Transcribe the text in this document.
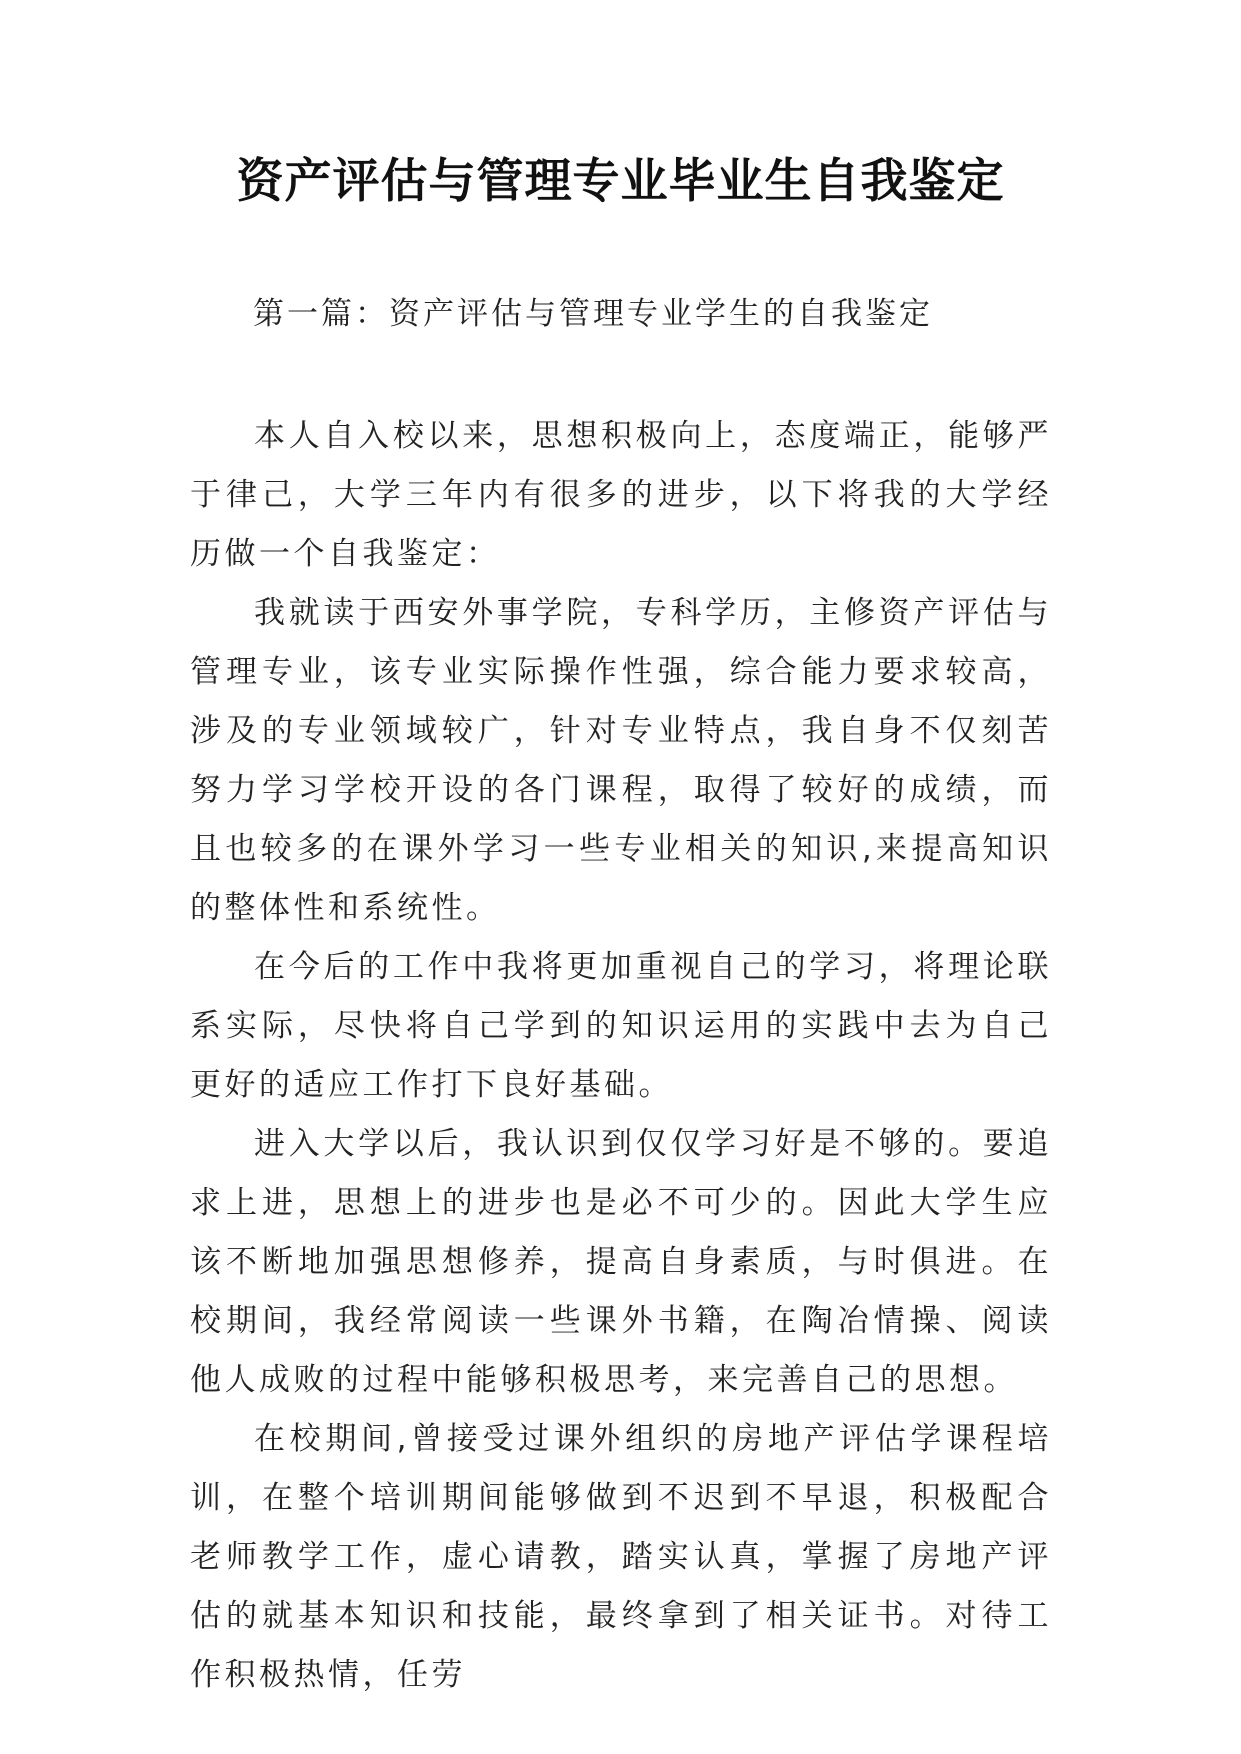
资产评估与管理专业毕业生自我鉴定

第一篇：资产评估与管理专业学生的自我鉴定

本人自入校以来，思想积极向上，态度端正，能够严于律己，大学三年内有很多的进步，以下将我的大学经历做一个自我鉴定：

我就读于西安外事学院，专科学历，主修资产评估与管理专业，该专业实际操作性强，综合能力要求较高，涉及的专业领域较广，针对专业特点，我自身不仅刻苦努力学习学校开设的各门课程，取得了较好的成绩，而且也较多的在课外学习一些专业相关的知识,来提高知识的整体性和系统性。

在今后的工作中我将更加重视自己的学习，将理论联系实际，尽快将自己学到的知识运用的实践中去为自己更好的适应工作打下良好基础。

进入大学以后，我认识到仅仅学习好是不够的。要追求上进，思想上的进步也是必不可少的。因此大学生应该不断地加强思想修养，提高自身素质，与时俱进。在校期间，我经常阅读一些课外书籍，在陶冶情操、阅读他人成败的过程中能够积极思考，来完善自己的思想。

在校期间,曾接受过课外组织的房地产评估学课程培训，在整个培训期间能够做到不迟到不早退，积极配合老师教学工作，虚心请教，踏实认真，掌握了房地产评估的就基本知识和技能，最终拿到了相关证书。对待工作积极热情，任劳
